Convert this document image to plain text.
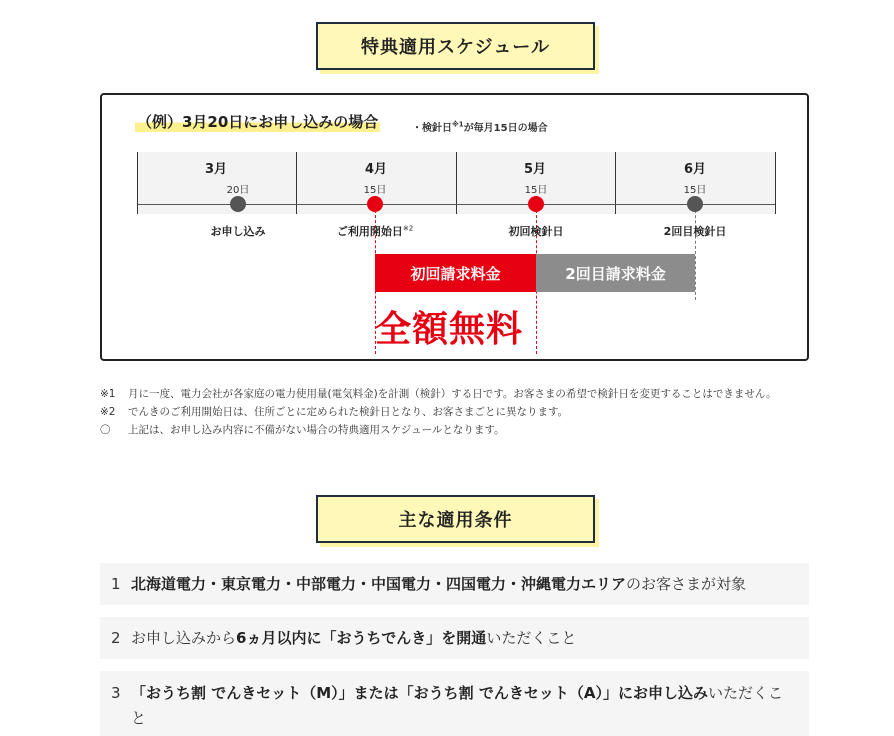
特典適用スケジュール
（例）3月20日にお申し込みの場合	・検針日$^{※1}$が毎月15日の場合
3月	4月	5月	6月
20日	15日	15日	15日
お申し込み	ご利用開始日$^{※2}$	初回検針日	2回目検針日
初回請求料金	2回目請求料金
全額無料
※1	月に一度、電力会社が各家庭の電力使用量(電気料金)を計測（検針）する日です。お客さまの希望で検針日を変更することはできません。
※2	でんきのご利用開始日は、住所ごとに定められた検針日となり、お客さまごとに異なります。
〇	上記は、お申し込み内容に不備がない場合の特典適用スケジュールとなります。
主な適用条件
1 北海道電力・東京電力・中部電力・中国電力・四国電力・沖縄電力エリアのお客さまが対象
2 お申し込みから6ヵ月以内に「おうちでんき」を開通いただくこと
3 「おうち割 でんきセット（M）」または「おうち割 でんきセット（A）」にお申し込みいただくこと
